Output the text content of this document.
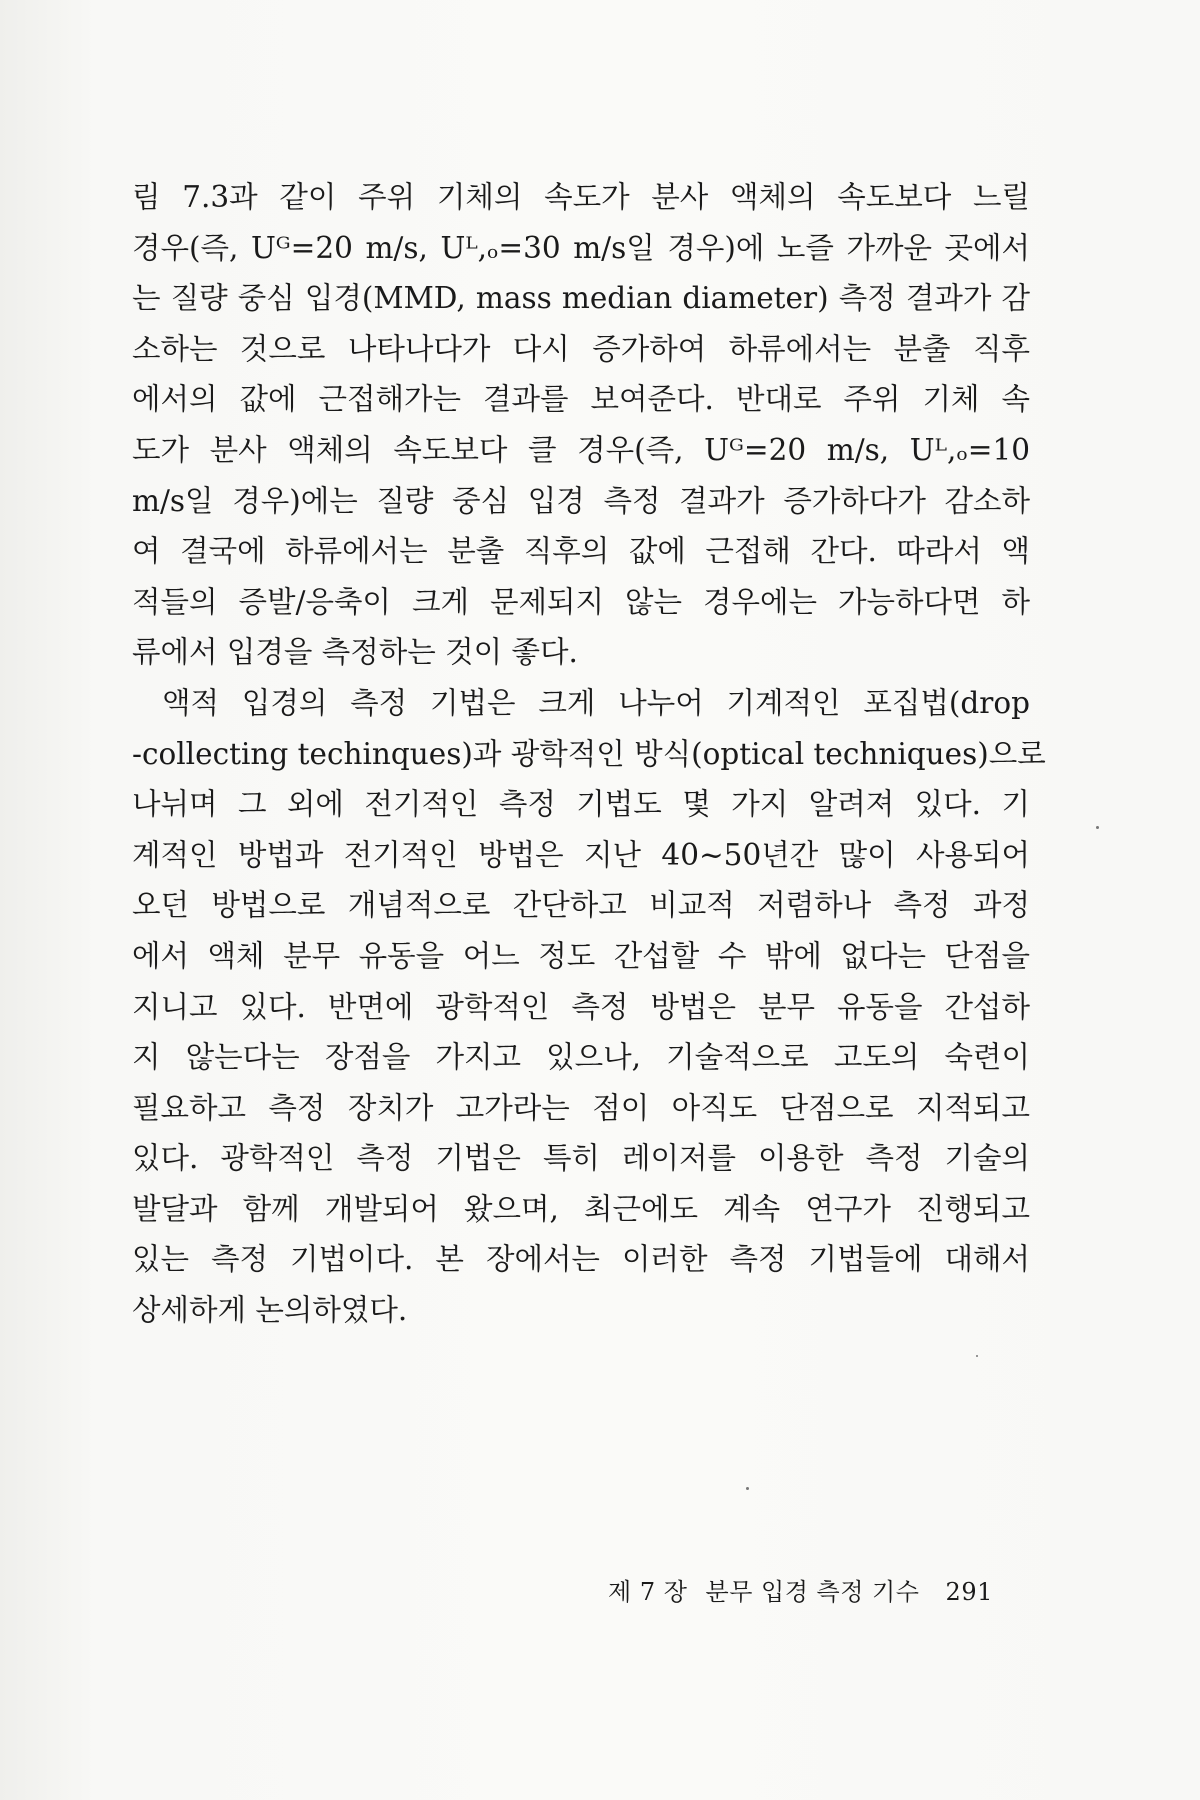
림 7.3과 같이 주위 기체의 속도가 분사 액체의 속도보다 느릴
경우(즉, Uᴳ=20 m/s, Uᴸ,ₒ=30 m/s일 경우)에 노즐 가까운 곳에서
는 질량 중심 입경(MMD, mass median diameter) 측정 결과가 감
소하는 것으로 나타나다가 다시 증가하여 하류에서는 분출 직후
에서의 값에 근접해가는 결과를 보여준다. 반대로 주위 기체 속
도가 분사 액체의 속도보다 클 경우(즉, Uᴳ=20 m/s, Uᴸ,ₒ=10
m/s일 경우)에는 질량 중심 입경 측정 결과가 증가하다가 감소하
여 결국에 하류에서는 분출 직후의 값에 근접해 간다. 따라서 액
적들의 증발/응축이 크게 문제되지 않는 경우에는 가능하다면 하
류에서 입경을 측정하는 것이 좋다.
액적 입경의 측정 기법은 크게 나누어 기계적인 포집법(drop
-collecting techinques)과 광학적인 방식(optical techniques)으로
나뉘며 그 외에 전기적인 측정 기법도 몇 가지 알려져 있다. 기
계적인 방법과 전기적인 방법은 지난 40~50년간 많이 사용되어
오던 방법으로 개념적으로 간단하고 비교적 저렴하나 측정 과정
에서 액체 분무 유동을 어느 정도 간섭할 수 밖에 없다는 단점을
지니고 있다. 반면에 광학적인 측정 방법은 분무 유동을 간섭하
지 않는다는 장점을 가지고 있으나, 기술적으로 고도의 숙련이
필요하고 측정 장치가 고가라는 점이 아직도 단점으로 지적되고
있다. 광학적인 측정 기법은 특히 레이저를 이용한 측정 기술의
발달과 함께 개발되어 왔으며, 최근에도 계속 연구가 진행되고
있는 측정 기법이다. 본 장에서는 이러한 측정 기법들에 대해서
상세하게 논의하였다.
제 7 장 분무 입경 측정 기수 291
